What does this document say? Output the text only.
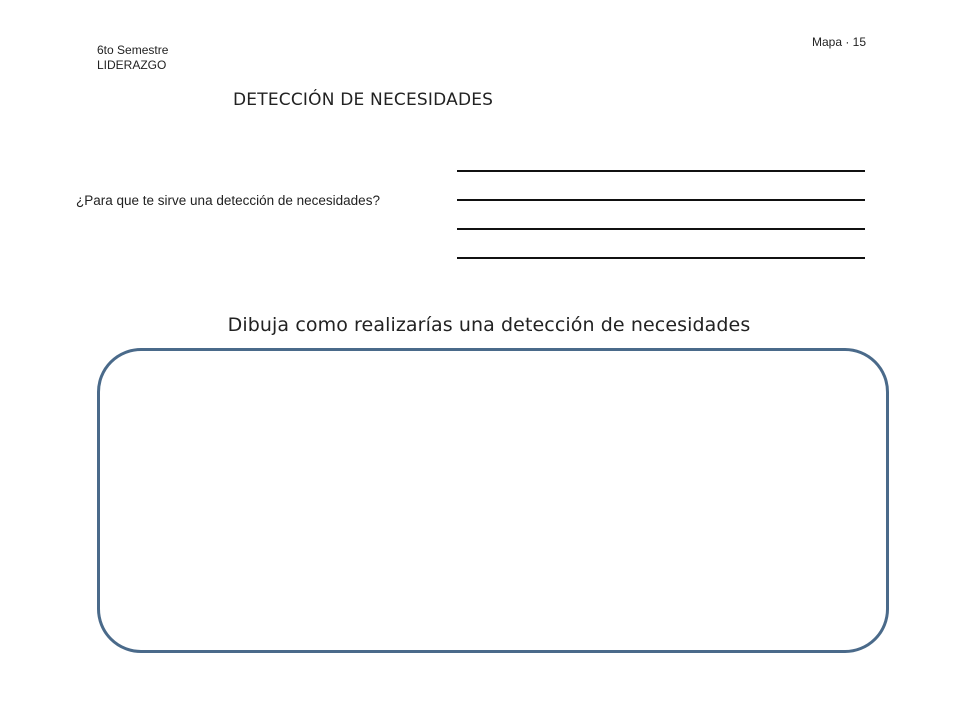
6to Semestre
LIDERAZGO
Mapa · 15
DETECCIÓN DE NECESIDADES
¿Para que te sirve una detección de necesidades?
Dibuja como realizarías una detección de necesidades
